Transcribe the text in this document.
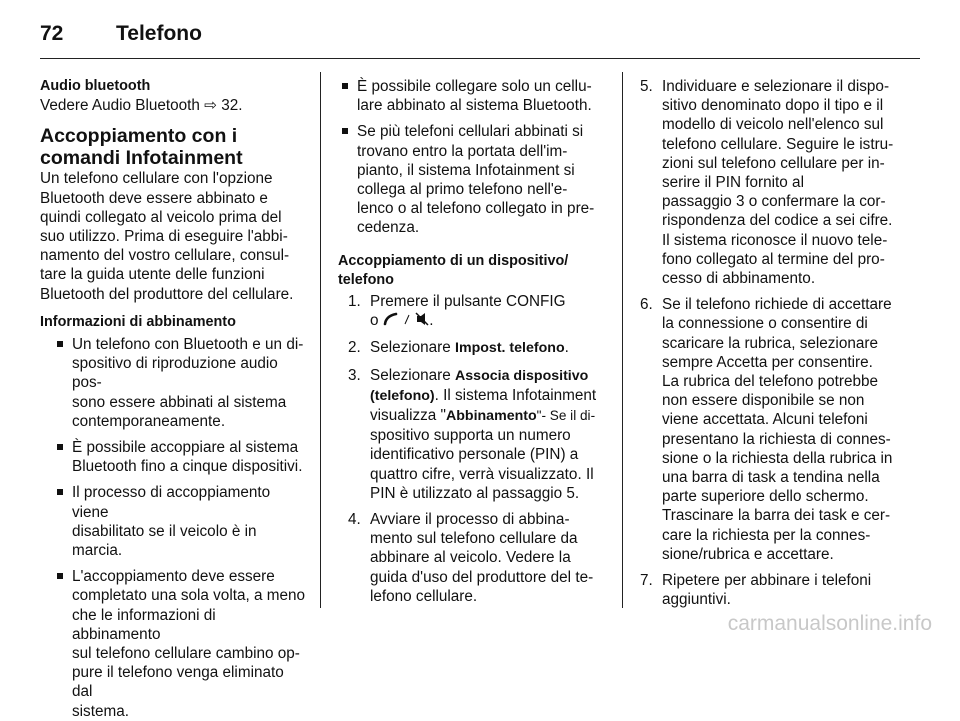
72	Telefono
Audio bluetooth
Vedere Audio Bluetooth ⇨ 32.
Accoppiamento con i comandi Infotainment
Un telefono cellulare con l'opzione
Bluetooth deve essere abbinato e
quindi collegato al veicolo prima del
suo utilizzo. Prima di eseguire l'abbi-
namento del vostro cellulare, consul-
tare la guida utente delle funzioni
Bluetooth del produttore del cellulare.
Informazioni di abbinamento
Un telefono con Bluetooth e un di-
spositivo di riproduzione audio pos-
sono essere abbinati al sistema
contemporaneamente.
È possibile accoppiare al sistema
Bluetooth fino a cinque dispositivi.
Il processo di accoppiamento viene
disabilitato se il veicolo è in marcia.
L'accoppiamento deve essere
completato una sola volta, a meno
che le informazioni di abbinamento
sul telefono cellulare cambino op-
pure il telefono venga eliminato dal
sistema.
È possibile collegare solo un cellu-
lare abbinato al sistema Bluetooth.
Se più telefoni cellulari abbinati si
trovano entro la portata dell'im-
pianto, il sistema Infotainment si
collega al primo telefono nell'e-
lenco o al telefono collegato in pre-
cedenza.
Accoppiamento di un dispositivo/
telefono
1. Premere il pulsante CONFIG
o	.
2. Selezionare Impost. telefono.
3. Selezionare Associa dispositivo
(telefono). Il sistema Infotainment
visualizza "Abbinamento"- Se il di-
spositivo supporta un numero
identificativo personale (PIN) a
quattro cifre, verrà visualizzato. Il
PIN è utilizzato al passaggio 5.
4. Avviare il processo di abbina-
mento sul telefono cellulare da
abbinare al veicolo. Vedere la
guida d'uso del produttore del te-
lefono cellulare.
5. Individuare e selezionare il dispo-
sitivo denominato dopo il tipo e il
modello di veicolo nell'elenco sul
telefono cellulare. Seguire le istru-
zioni sul telefono cellulare per in-
serire il PIN fornito al
passaggio 3 o confermare la cor-
rispondenza del codice a sei cifre.
Il sistema riconosce il nuovo tele-
fono collegato al termine del pro-
cesso di abbinamento.
6. Se il telefono richiede di accettare
la connessione o consentire di
scaricare la rubrica, selezionare
sempre Accetta per consentire.
La rubrica del telefono potrebbe
non essere disponibile se non
viene accettata. Alcuni telefoni
presentano la richiesta di connes-
sione o la richiesta della rubrica in
una barra di task a tendina nella
parte superiore dello schermo.
Trascinare la barra dei task e cer-
care la richiesta per la connes-
sione/rubrica e accettare.
7. Ripetere per abbinare i telefoni
aggiuntivi.
carmanualsonline.info
